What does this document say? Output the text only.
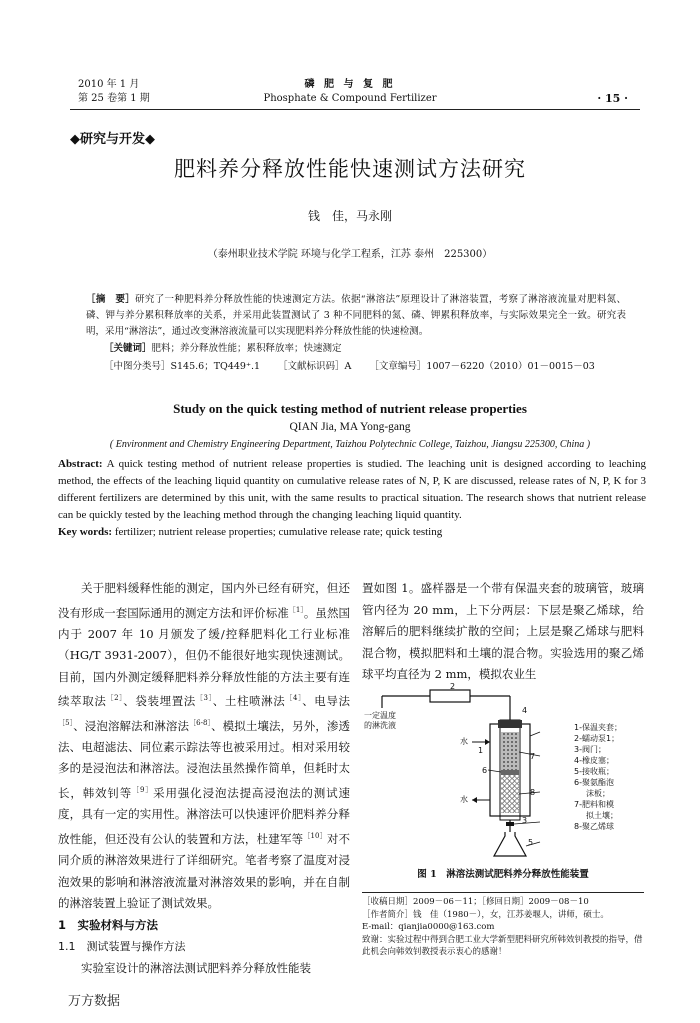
2010 年 1 月
第 25 卷第 1 期
磷 肥 与 复 肥
Phosphate & Compound Fertilizer	· 15 ·
◆研究与开发◆
肥料养分释放性能快速测试方法研究
钱　佳，马永刚
（泰州职业技术学院 环境与化学工程系，江苏 泰州　225300）
［摘　要］研究了一种肥料养分释放性能的快速测定方法。依据“淋溶法”原理设计了淋溶装置，考察了淋溶液流量对肥料氮、磷、钾与养分累积释放率的关系，并采用此装置测试了 3 种不同肥料的氮、磷、钾累积释放率，与实际效果完全一致。研究表明，采用“淋溶法”，通过改变淋溶液流量可以实现肥料养分释放性能的快速检测。
［关键词］肥料；养分释放性能；累积释放率；快速测定
［中图分类号］S145.6；TQ449⁺.1 ［文献标识码］A ［文章编号］1007－6220（2010）01－0015－03
Study on the quick testing method of nutrient release properties
QIAN Jia, MA Yong-gang
( Environment and Chemistry Engineering Department, Taizhou Polytechnic College, Taizhou, Jiangsu 225300, China )
Abstract: A quick testing method of nutrient release properties is studied. The leaching unit is designed according to leaching method, the effects of the leaching liquid quantity on cumulative release rates of N, P, K are discussed, release rates of N, P, K for 3 different fertilizers are determined by this unit, with the same results to practical situation. The research shows that nutrient release can be quickly tested by the leaching method through the changing leaching liquid quantity.
Key words: fertilizer; nutrient release properties; cumulative release rate; quick testing

关于肥料缓释性能的测定，国内外已经有研究，但还没有形成一套国际通用的测定方法和评价标准$^{[1]}$。虽然国内于 2007 年 10 月颁发了缓/控释肥料化工行业标准（HG/T 3931-2007），但仍不能很好地实现快速测试。目前，国内外测定缓释肥料养分释放性能的方法主要有连续萃取法$^{[2]}$、袋装埋置法$^{[3]}$、土柱喷淋法$^{[4]}$、电导法$^{[5]}$、浸泡溶解法和淋溶法$^{[6-8]}$、模拟土壤法，另外，渗透法、电超滤法、同位素示踪法等也被采用过。相对采用较多的是浸泡法和淋溶法。浸泡法虽然操作简单，但耗时太长，韩效钊等$^{[9]}$采用强化浸泡法提高浸泡法的测试速度，具有一定的实用性。淋溶法可以快速评价肥料养分释放性能，但还没有公认的装置和方法，杜建军等$^{[10]}$对不同介质的淋溶效果进行了详细研究。笔者考察了温度对浸泡效果的影响和淋溶液流量对淋溶效果的影响，并在自制的淋溶装置上验证了测试效果。

1　实验材料与方法

1.1　测试装置与操作方法

实验室设计的淋溶法测试肥料养分释放性能装

置如图 1。盛样器是一个带有保温夹套的玻璃管，玻璃管内径为 20 mm，上下分两层：下层是聚乙烯球，给溶解后的肥料继续扩散的空间；上层是聚乙烯球与肥料混合物，模拟肥料和土壤的混合物。实验选用的聚乙烯球平均直径为 2 mm，模拟农业生

一定温度
的淋洗液
水
水
2
4
1
6
7
8
3
5
1-保温夹套；
2-蠕动泵1；
3-阀门；
4-橡皮塞；
5-接收瓶；
6-聚氨酯泡
沫板；
7-肥料和模
拟土壤；
8-聚乙烯球
图 1　淋溶法测试肥料养分释放性能装置

［收稿日期］2009－06－11；［修回日期］2009－08－10

［作者简介］钱　佳（1980－），女，江苏姜堰人，讲师，硕士。

E-mail：qianjia0000@163.com

致谢：实验过程中得到合肥工业大学新型肥料研究所韩效钊教授的指导，借此机会向韩效钊教授表示衷心的感谢！

万方数据
